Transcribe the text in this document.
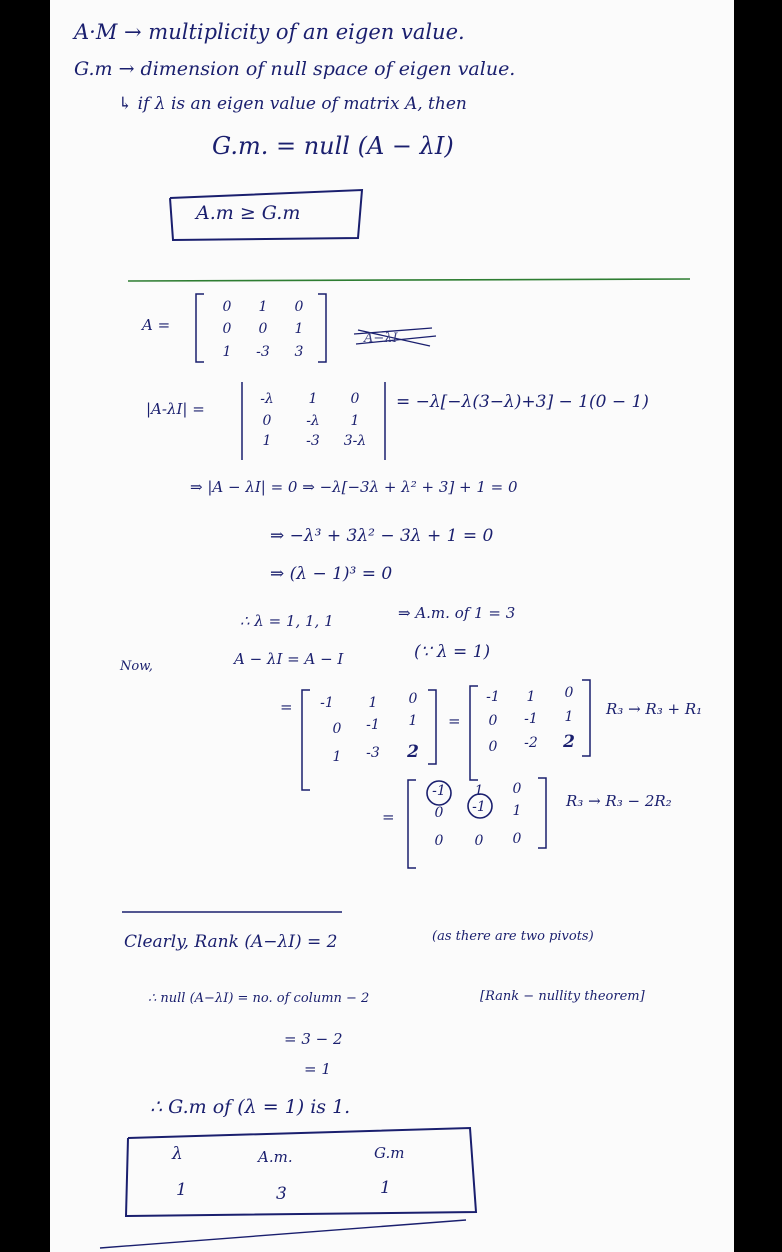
A·M → multiplicity of an eigen value.
G.m → dimension of null space of eigen value.
↳ if λ is an eigen value of matrix A, then
G.m. = null (A − λI)
A.m ≥ G.m
A =
0	1	0
0	0	1
1	-3	3
A−λI
|A-λI| =
-λ	1	0
0	-λ	1
1	-3	3-λ
= −λ[−λ(3−λ)+3] − 1(0 − 1)
⇒ |A − λI| = 0 ⇒ −λ[−3λ + λ² + 3] + 1 = 0
⇒ −λ³ + 3λ² − 3λ + 1 = 0
⇒ (λ − 1)³ = 0
∴ λ = 1, 1, 1	⇒ A.m. of 1 = 3
Now,	A − λI = A − I	(∵ λ = 1)
=	-1	1	0
0	-1	1
1	-3	2
=
-1	1	0
0	-1	1
0	-2	2
R₃ → R₃ + R₁
=
-1	1	0
0	-1	1
0	0	0
R₃ → R₃ − 2R₂
Clearly, Rank (A−λI) = 2	(as there are two pivots)
∴ null (A−λI) = no. of column − 2	[Rank − nullity theorem]
= 3 − 2
= 1
∴ G.m of (λ = 1) is 1.
λ	A.m.	G.m
1	3	1
